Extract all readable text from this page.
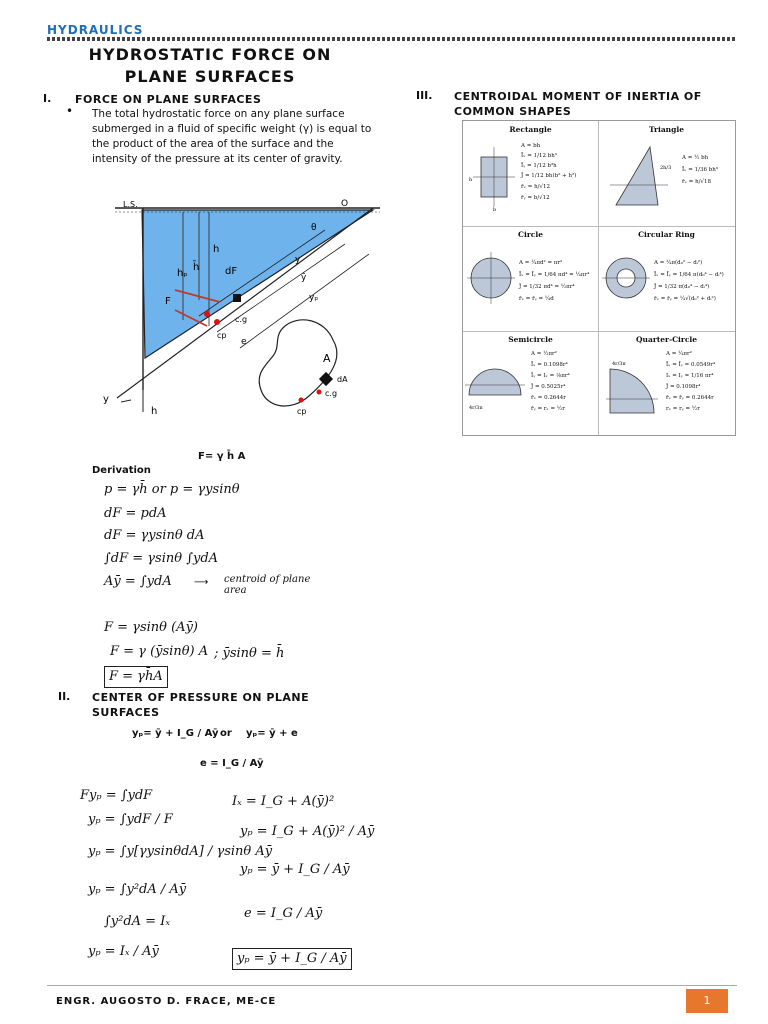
HYDRAULICS
HYDROSTATIC FORCE ON PLANE SURFACES
I. FORCE ON PLANE SURFACES
• The total hydrostatic force on any plane surface submerged in a fluid of specific weight (γ) is equal to the product of the area of the surface and the intensity of the pressure at its center of gravity.
L.S.	O
θ
h
h̄
hₚ	dF
F
c.g
cp
e
y
ȳ
yₚ
A
dA
c.g
cp
y
h
F= γ h̄ A
Derivation
p = γh̄ or p = γysinθ
dF = pdA
dF = γysinθ dA
∫dF = γsinθ ∫ydA
Aȳ = ∫ydA ⟶ centroid of plane area
F = γsinθ (Aȳ)
F = γ (ȳsinθ) A ; ȳsinθ = h̄
F = γh̄A
II. CENTER OF PRESSURE ON PLANE SURFACES
yₚ= ȳ + I_G / Aȳ or yₚ= ȳ + e
e = I_G / Aȳ
Fyₚ = ∫ydF
yₚ = ∫ydF / F
yₚ = ∫y[γysinθdA] / γsinθ Aȳ
yₚ = ∫y²dA / Aȳ
∫y²dA = Iₓ
yₚ = Iₓ / Aȳ
Iₓ = I_G + A(ȳ)²
yₚ = I_G + A(ȳ)² / Aȳ
yₚ = ȳ + I_G / Aȳ
e = I_G / Aȳ
yₚ = ȳ + I_G / Aȳ
III. CENTROIDAL MOMENT OF INERTIA OF COMMON SHAPES
Rectangle
b
h
A = bh
Īₓ = 1/12 bh³
Īᵧ = 1/12 b³h
J̄ = 1/12 bh(b² + h²)
r̄ₓ = h/√12
r̄ᵧ = b/√12
Triangle
2h/3
A = ½ bh
Īₓ = 1/36 bh³
r̄ₓ = h/√18
Circle
A = ¼πd² = πr²
Īₓ = Īᵧ = 1/64 πd⁴ = ¼πr⁴
J̄ = 1/32 πd⁴ = ½πr⁴
r̄ₓ = r̄ᵧ = ¼d
Circular Ring
A = ¼π(d₀² − dᵢ²)
Īₓ = Īᵧ = 1/64 π(d₀⁴ − dᵢ⁴)
J̄ = 1/32 π(d₀⁴ − dᵢ⁴)
r̄ₓ = r̄ᵧ = ¼√(d₀² + dᵢ²)
Semicircle
4r/3π
A = ½πr²
Īₓ = 0.1098r⁴
Īᵧ = Iₓ = ⅛πr⁴
J̄ = 0.5025r⁴
r̄ₓ = 0.2644r
r̄ᵧ = rₓ = ½r
Quarter-Circle
4r/3π
A = ¼πr²
Īₓ = Īᵧ = 0.0549r⁴
Iₓ = Iᵧ = 1/16 πr⁴
J̄ = 0.1098r⁴
r̄ₓ = r̄ᵧ = 0.2644r
rₓ = rᵧ = ½r
ENGR. AUGOSTO D. FRACE, ME-CE	1
